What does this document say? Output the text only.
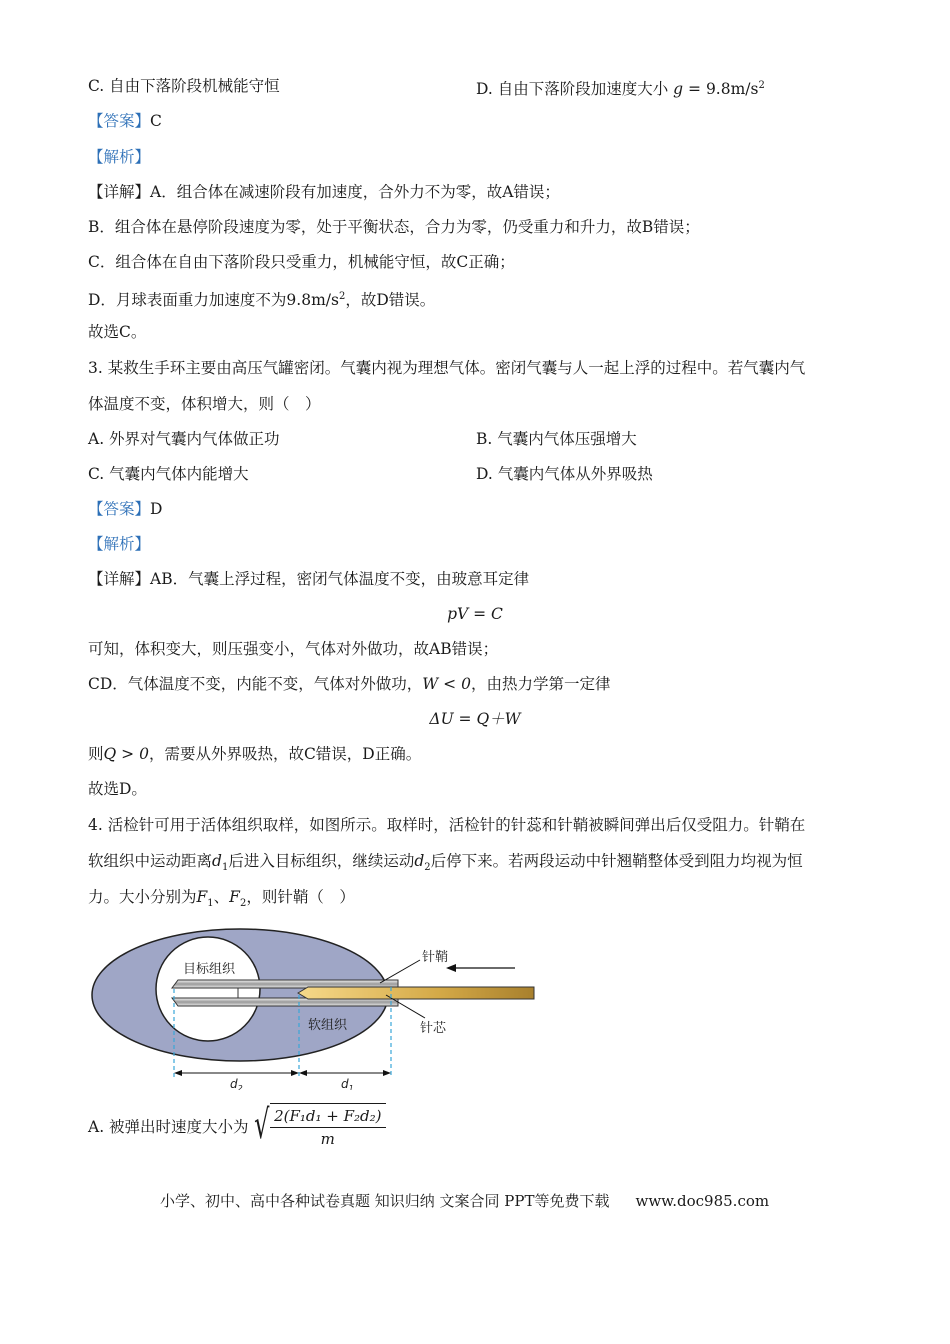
C. 自由下落阶段机械能守恒	D. 自由下落阶段加速度大小 $g = 9.8m/s^2$
【答案】C
【解析】
【详解】A．组合体在减速阶段有加速度，合外力不为零，故A错误；
B．组合体在悬停阶段速度为零，处于平衡状态，合力为零，仍受重力和升力，故B错误；
C．组合体在自由下落阶段只受重力，机械能守恒，故C正确；
D．月球表面重力加速度不为$9.8m/s^2$，故D错误。
故选C。
3. 某救生手环主要由高压气罐密闭。气囊内视为理想气体。密闭气囊与人一起上浮的过程中。若气囊内气
体温度不变，体积增大，则（　）
A. 外界对气囊内气体做正功	B. 气囊内气体压强增大
C. 气囊内气体内能增大	D. 气囊内气体从外界吸热
【答案】D
【解析】
【详解】AB．气囊上浮过程，密闭气体温度不变，由玻意耳定律
pV = C
可知，体积变大，则压强变小，气体对外做功，故AB错误；
CD．气体温度不变，内能不变，气体对外做功，W < 0，由热力学第一定律
ΔU = Q＋W
则Q > 0，需要从外界吸热，故C错误，D正确。
故选D。
4. 活检针可用于活体组织取样，如图所示。取样时，活检针的针蕊和针鞘被瞬间弹出后仅受阻力。针鞘在
软组织中运动距离$d_1$后进入目标组织，继续运动$d_2$后停下来。若两段运动中针翘鞘整体受到阻力均视为恒
力。大小分别为$F_1$、$F_2$，则针鞘（　）
目标组织
软组织
针鞘
针芯
$d_2$	$d_1$
A. 被弹出时速度大小为 √ $\frac{\text{2(F₁d₁ + F₂d₂)}}{m}$
小学、初中、高中各种试卷真题 知识归纳 文案合同 PPT等免费下载 www.doc985.com
